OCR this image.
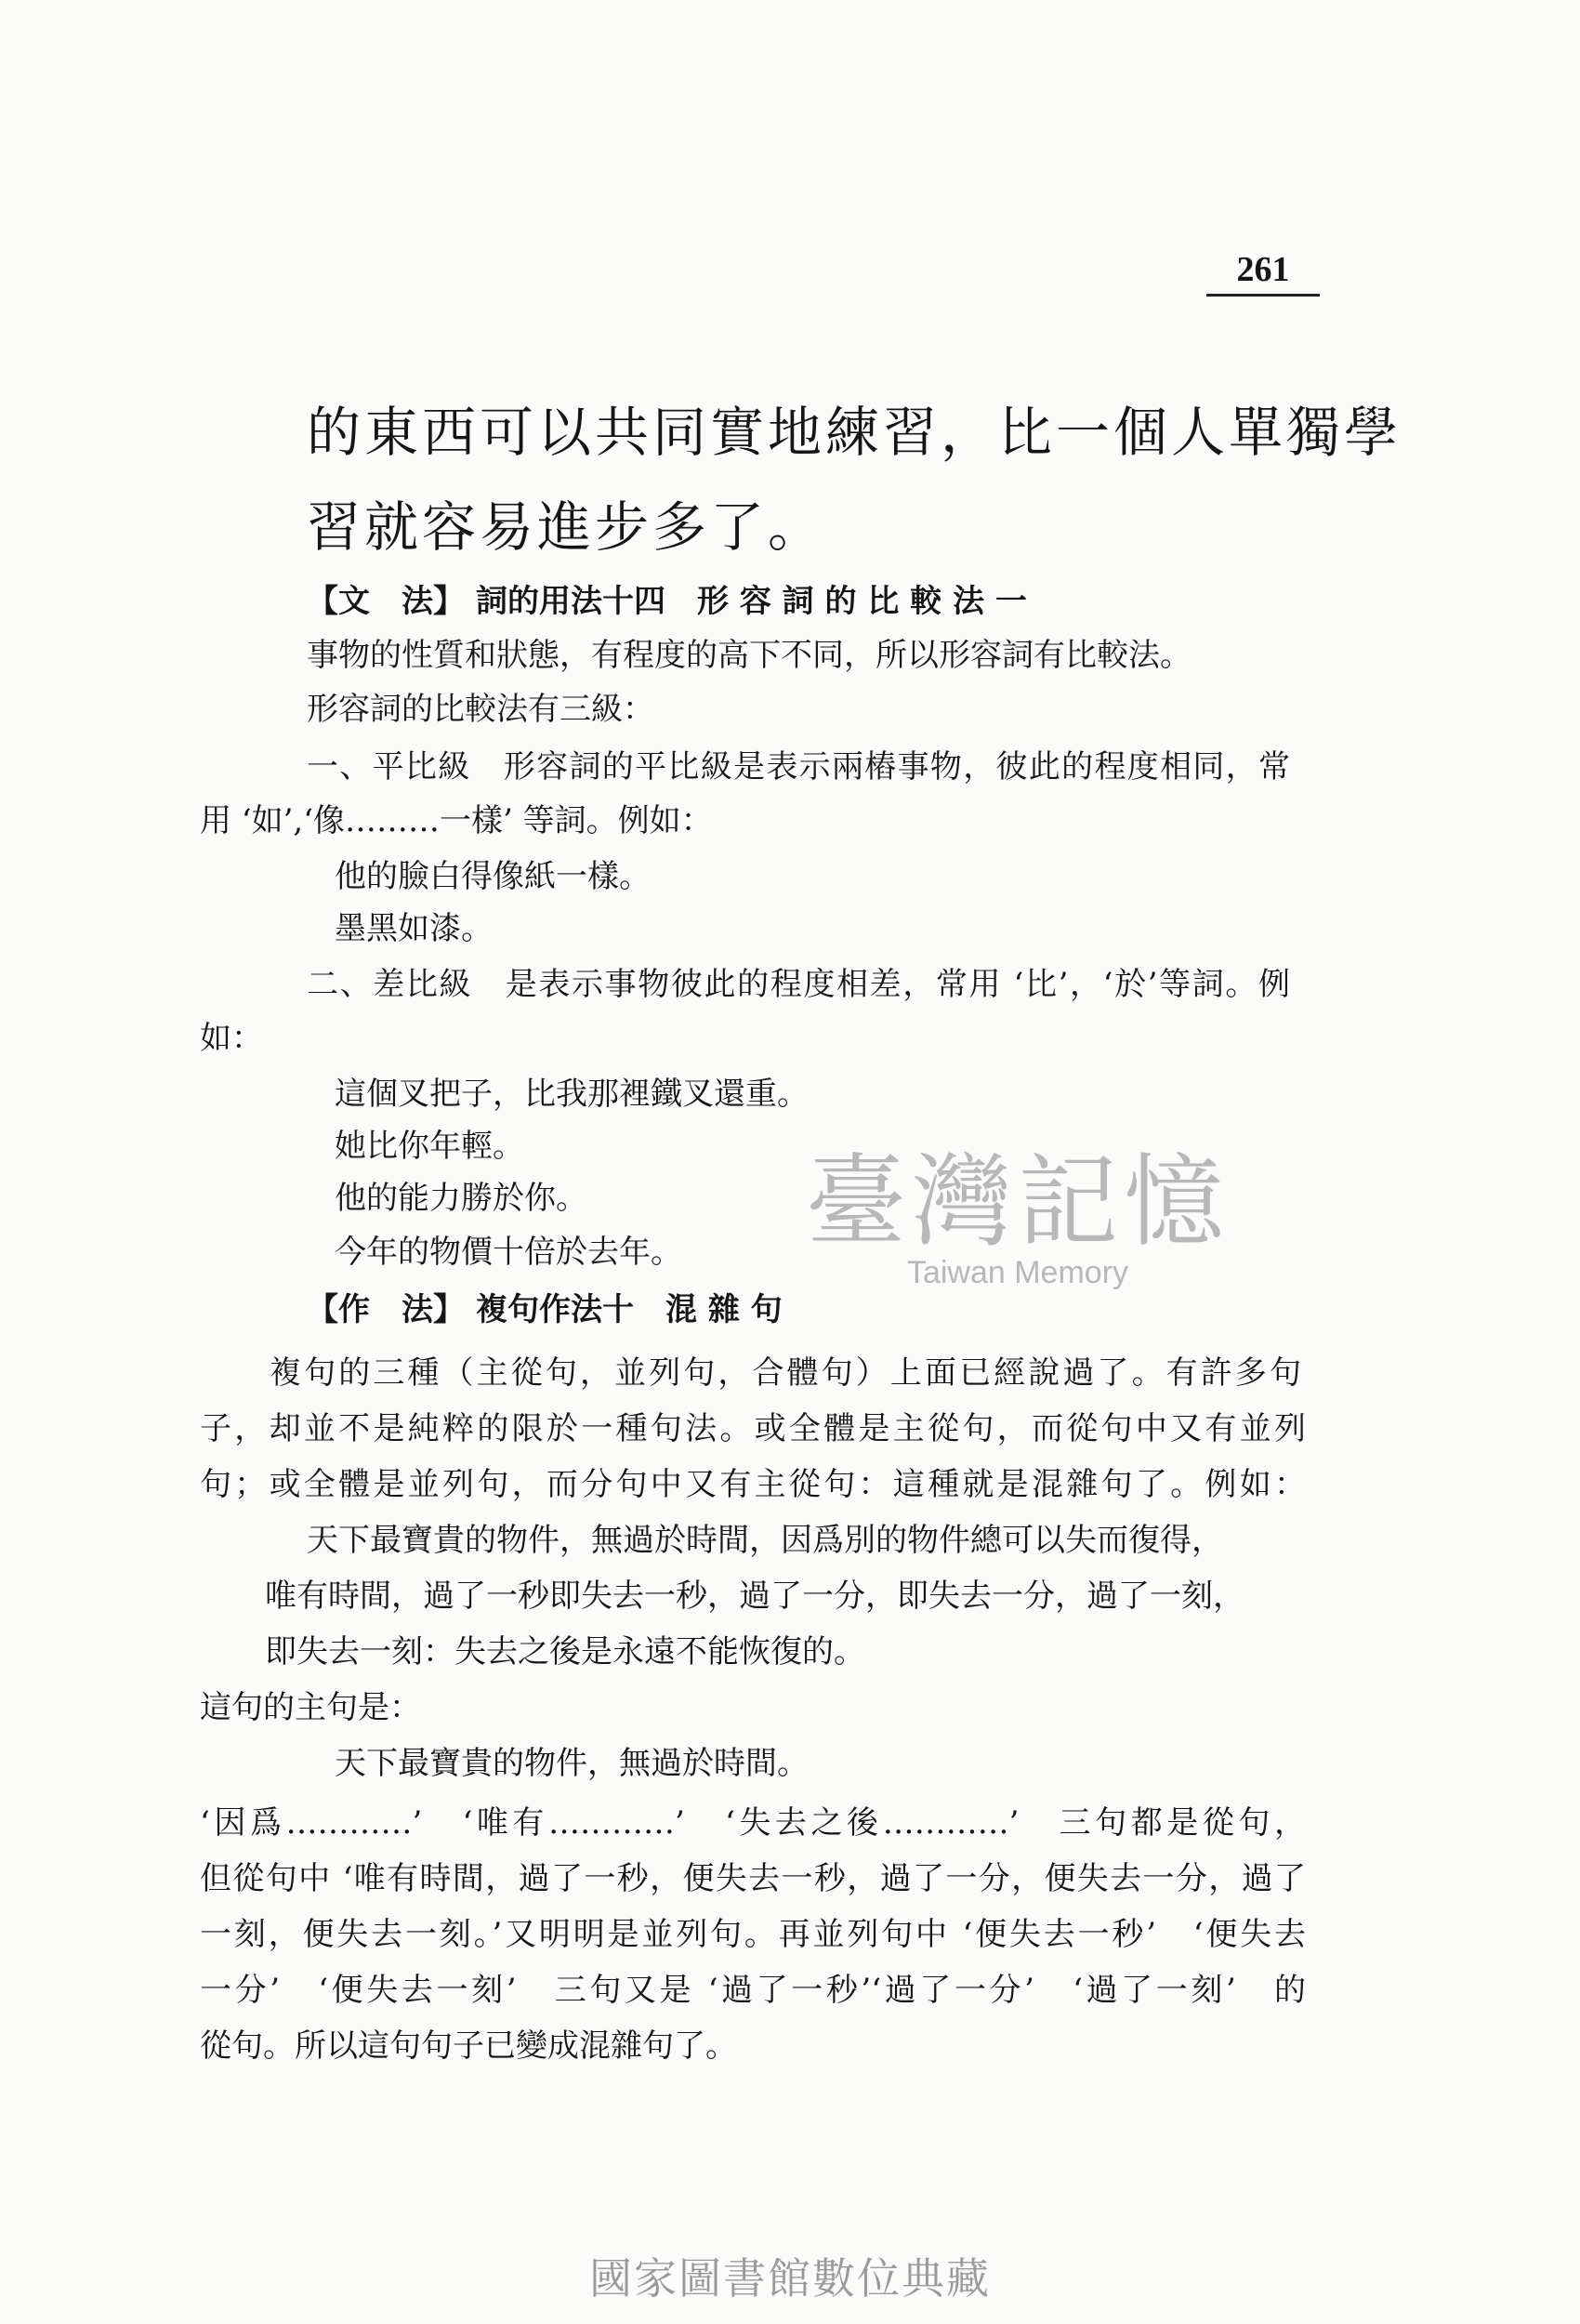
261
的東西可以共同實地練習，比一個人單獨學
習就容易進步多了。
【文　法】 詞的用法十四　形 容 詞 的 比 較 法 一
事物的性質和狀態，有程度的高下不同，所以形容詞有比較法。
形容詞的比較法有三級：
一、平比級　形容詞的平比級是表示兩樁事物，彼此的程度相同，常
用 ‘如’,‘像………一樣’ 等詞。例如：
他的臉白得像紙一樣。
墨黑如漆。
二、差比級　是表示事物彼此的程度相差，常用 ‘比’，‘於’等詞。例
如：
這個叉把子，比我那裡鐵叉還重。
她比你年輕。
他的能力勝於你。
今年的物價十倍於去年。
【作　法】 複句作法十　混 雜 句
複句的三種（主從句，並列句，合體句）上面已經說過了。有許多句
子，却並不是純粹的限於一種句法。或全體是主從句，而從句中又有並列
句；或全體是並列句，而分句中又有主從句：這種就是混雜句了。例如：
天下最寶貴的物件，無過於時間，因爲別的物件總可以失而復得，
唯有時間，過了一秒即失去一秒，過了一分，即失去一分，過了一刻，
即失去一刻：失去之後是永遠不能恢復的。
這句的主句是：
天下最寶貴的物件，無過於時間。
‘因爲…………’　‘唯有…………’　‘失去之後…………’　三句都是從句，
但從句中 ‘唯有時間，過了一秒，便失去一秒，過了一分，便失去一分，過了
一刻，便失去一刻。’又明明是並列句。再並列句中 ‘便失去一秒’　‘便失去
一分’　‘便失去一刻’　三句又是 ‘過了一秒’‘過了一分’　‘過了一刻’　的
從句。所以這句句子已變成混雜句了。
臺灣記憶
Taiwan Memory
國家圖書館數位典藏
